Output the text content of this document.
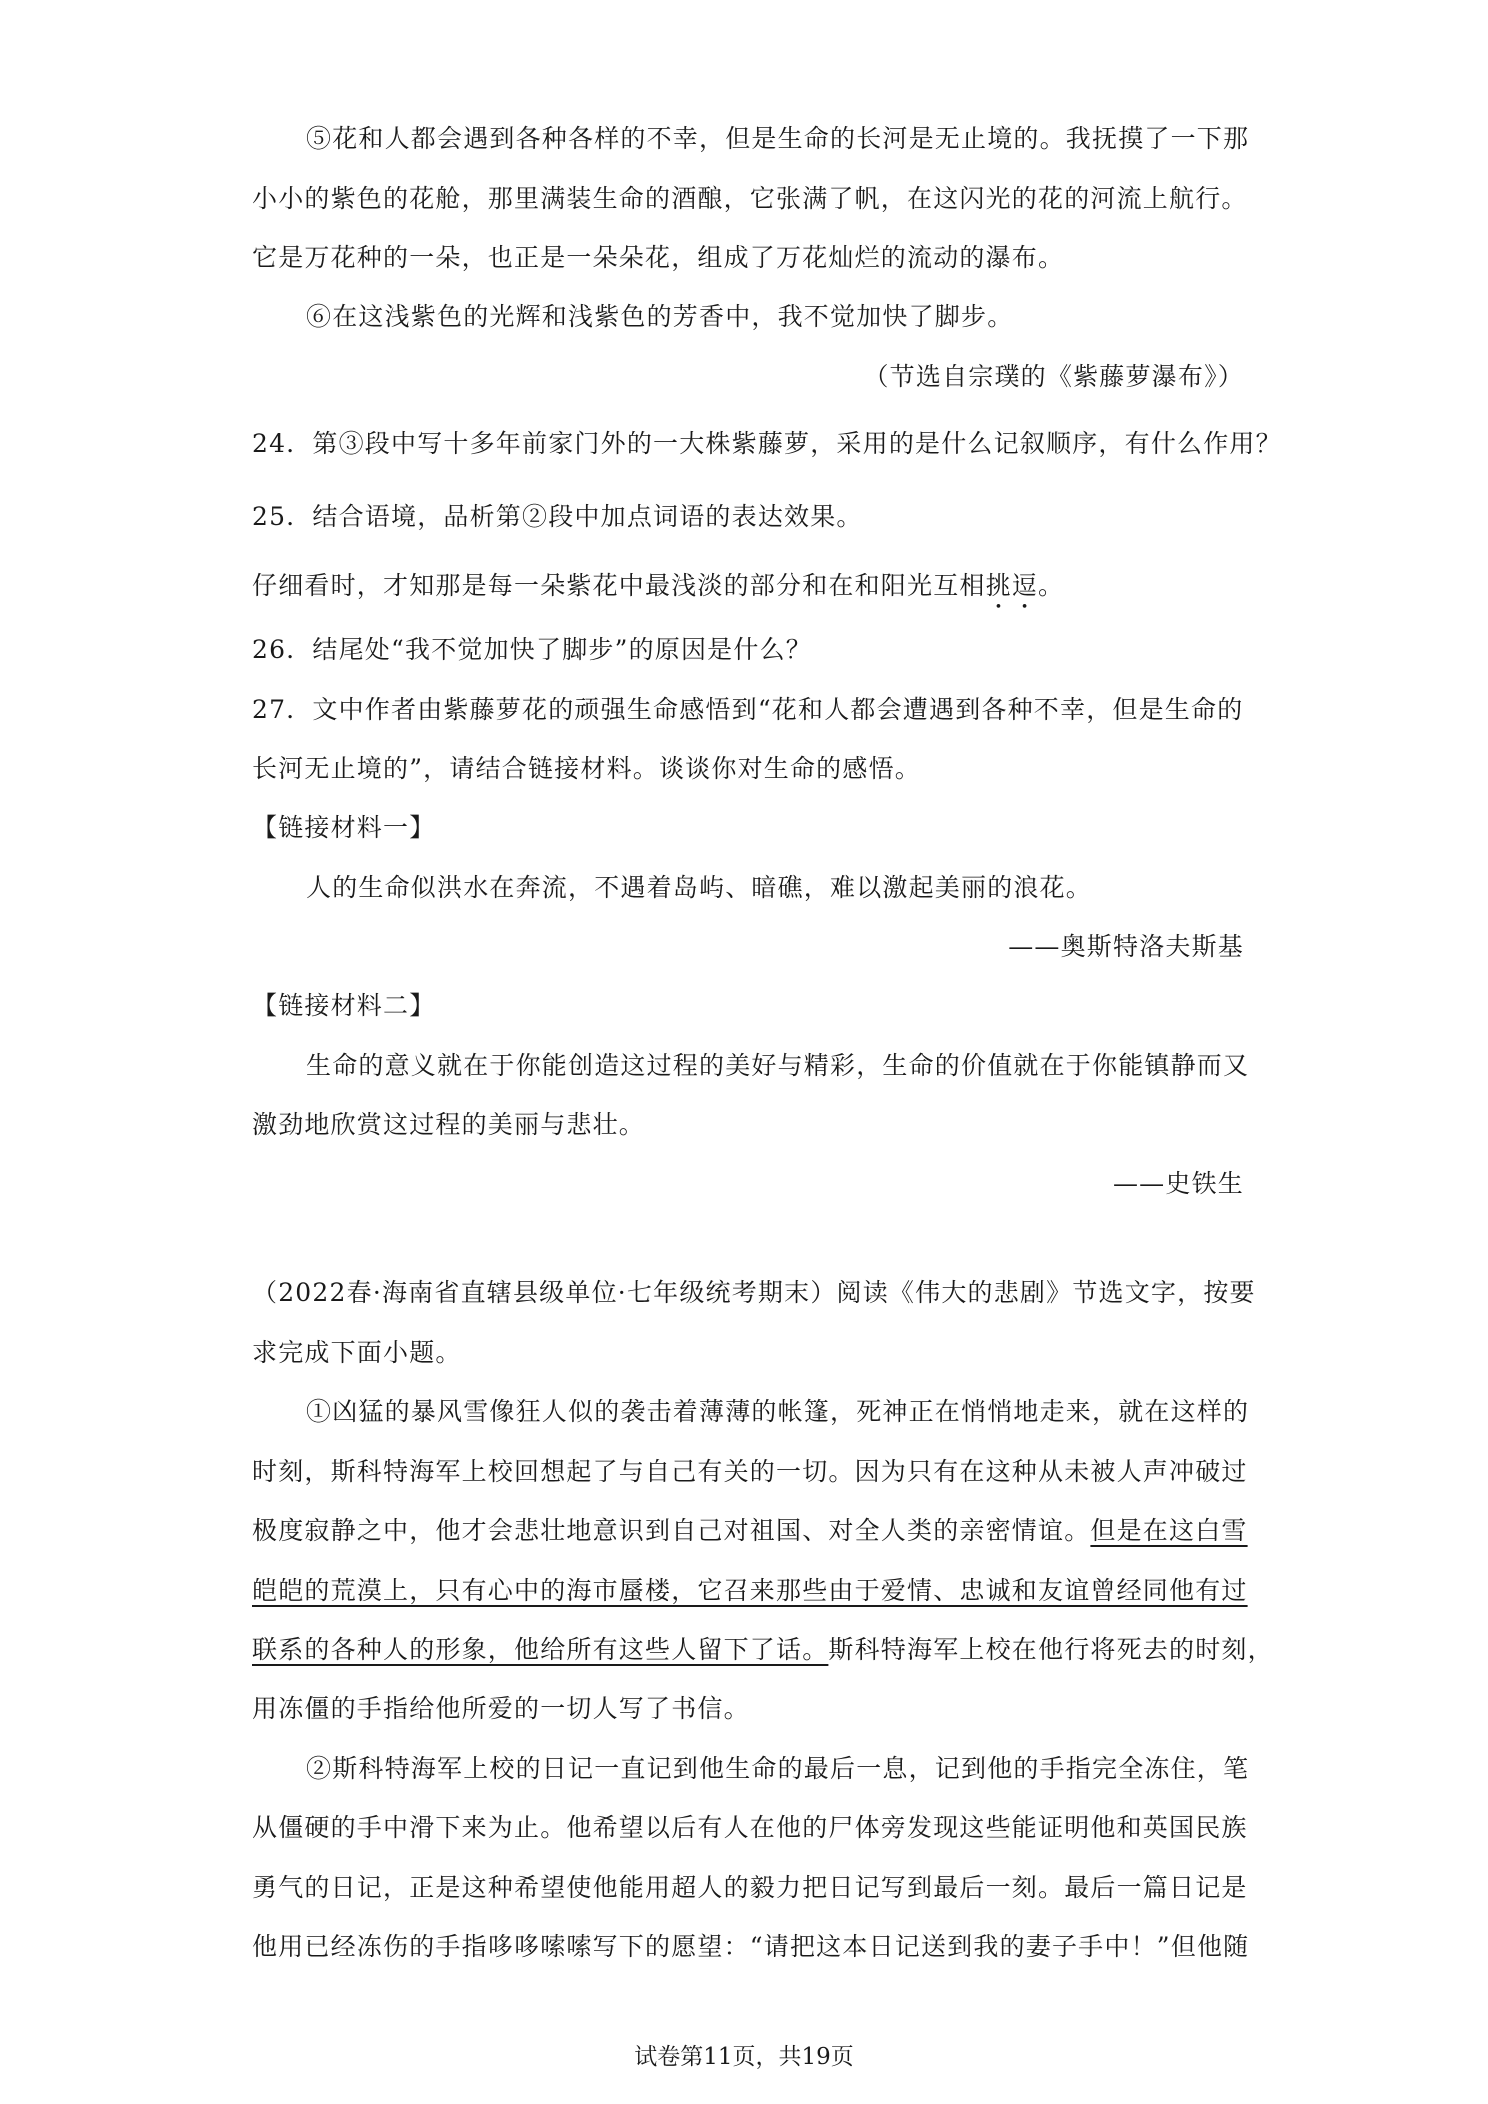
⑤花和人都会遇到各种各样的不幸，但是生命的长河是无止境的。我抚摸了一下那
小小的紫色的花舱，那里满装生命的酒酿，它张满了帆，在这闪光的花的河流上航行。
它是万花种的一朵，也正是一朵朵花，组成了万花灿烂的流动的瀑布。
⑥在这浅紫色的光辉和浅紫色的芳香中，我不觉加快了脚步。
（节选自宗璞的《紫藤萝瀑布》）
24．第③段中写十多年前家门外的一大株紫藤萝，采用的是什么记叙顺序，有什么作用？
25．结合语境，品析第②段中加点词语的表达效果。
仔细看时，才知那是每一朵紫花中最浅淡的部分和在和阳光互相挑逗。
26．结尾处“我不觉加快了脚步”的原因是什么？
27．文中作者由紫藤萝花的顽强生命感悟到“花和人都会遭遇到各种不幸，但是生命的
长河无止境的”，请结合链接材料。谈谈你对生命的感悟。
【链接材料一】
人的生命似洪水在奔流，不遇着岛屿、暗礁，难以激起美丽的浪花。
——奥斯特洛夫斯基
【链接材料二】
生命的意义就在于你能创造这过程的美好与精彩，生命的价值就在于你能镇静而又
激劲地欣赏这过程的美丽与悲壮。
——史铁生
（2022春·海南省直辖县级单位·七年级统考期末）阅读《伟大的悲剧》节选文字，按要
求完成下面小题。
①凶猛的暴风雪像狂人似的袭击着薄薄的帐篷，死神正在悄悄地走来，就在这样的
时刻，斯科特海军上校回想起了与自己有关的一切。因为只有在这种从未被人声冲破过
极度寂静之中，他才会悲壮地意识到自己对祖国、对全人类的亲密情谊。但是在这白雪
皑皑的荒漠上，只有心中的海市蜃楼，它召来那些由于爱情、忠诚和友谊曾经同他有过
联系的各种人的形象，他给所有这些人留下了话。斯科特海军上校在他行将死去的时刻，
用冻僵的手指给他所爱的一切人写了书信。
②斯科特海军上校的日记一直记到他生命的最后一息，记到他的手指完全冻住，笔
从僵硬的手中滑下来为止。他希望以后有人在他的尸体旁发现这些能证明他和英国民族
勇气的日记，正是这种希望使他能用超人的毅力把日记写到最后一刻。最后一篇日记是
他用已经冻伤的手指哆哆嗦嗦写下的愿望：“请把这本日记送到我的妻子手中！”但他随
试卷第11页，共19页
